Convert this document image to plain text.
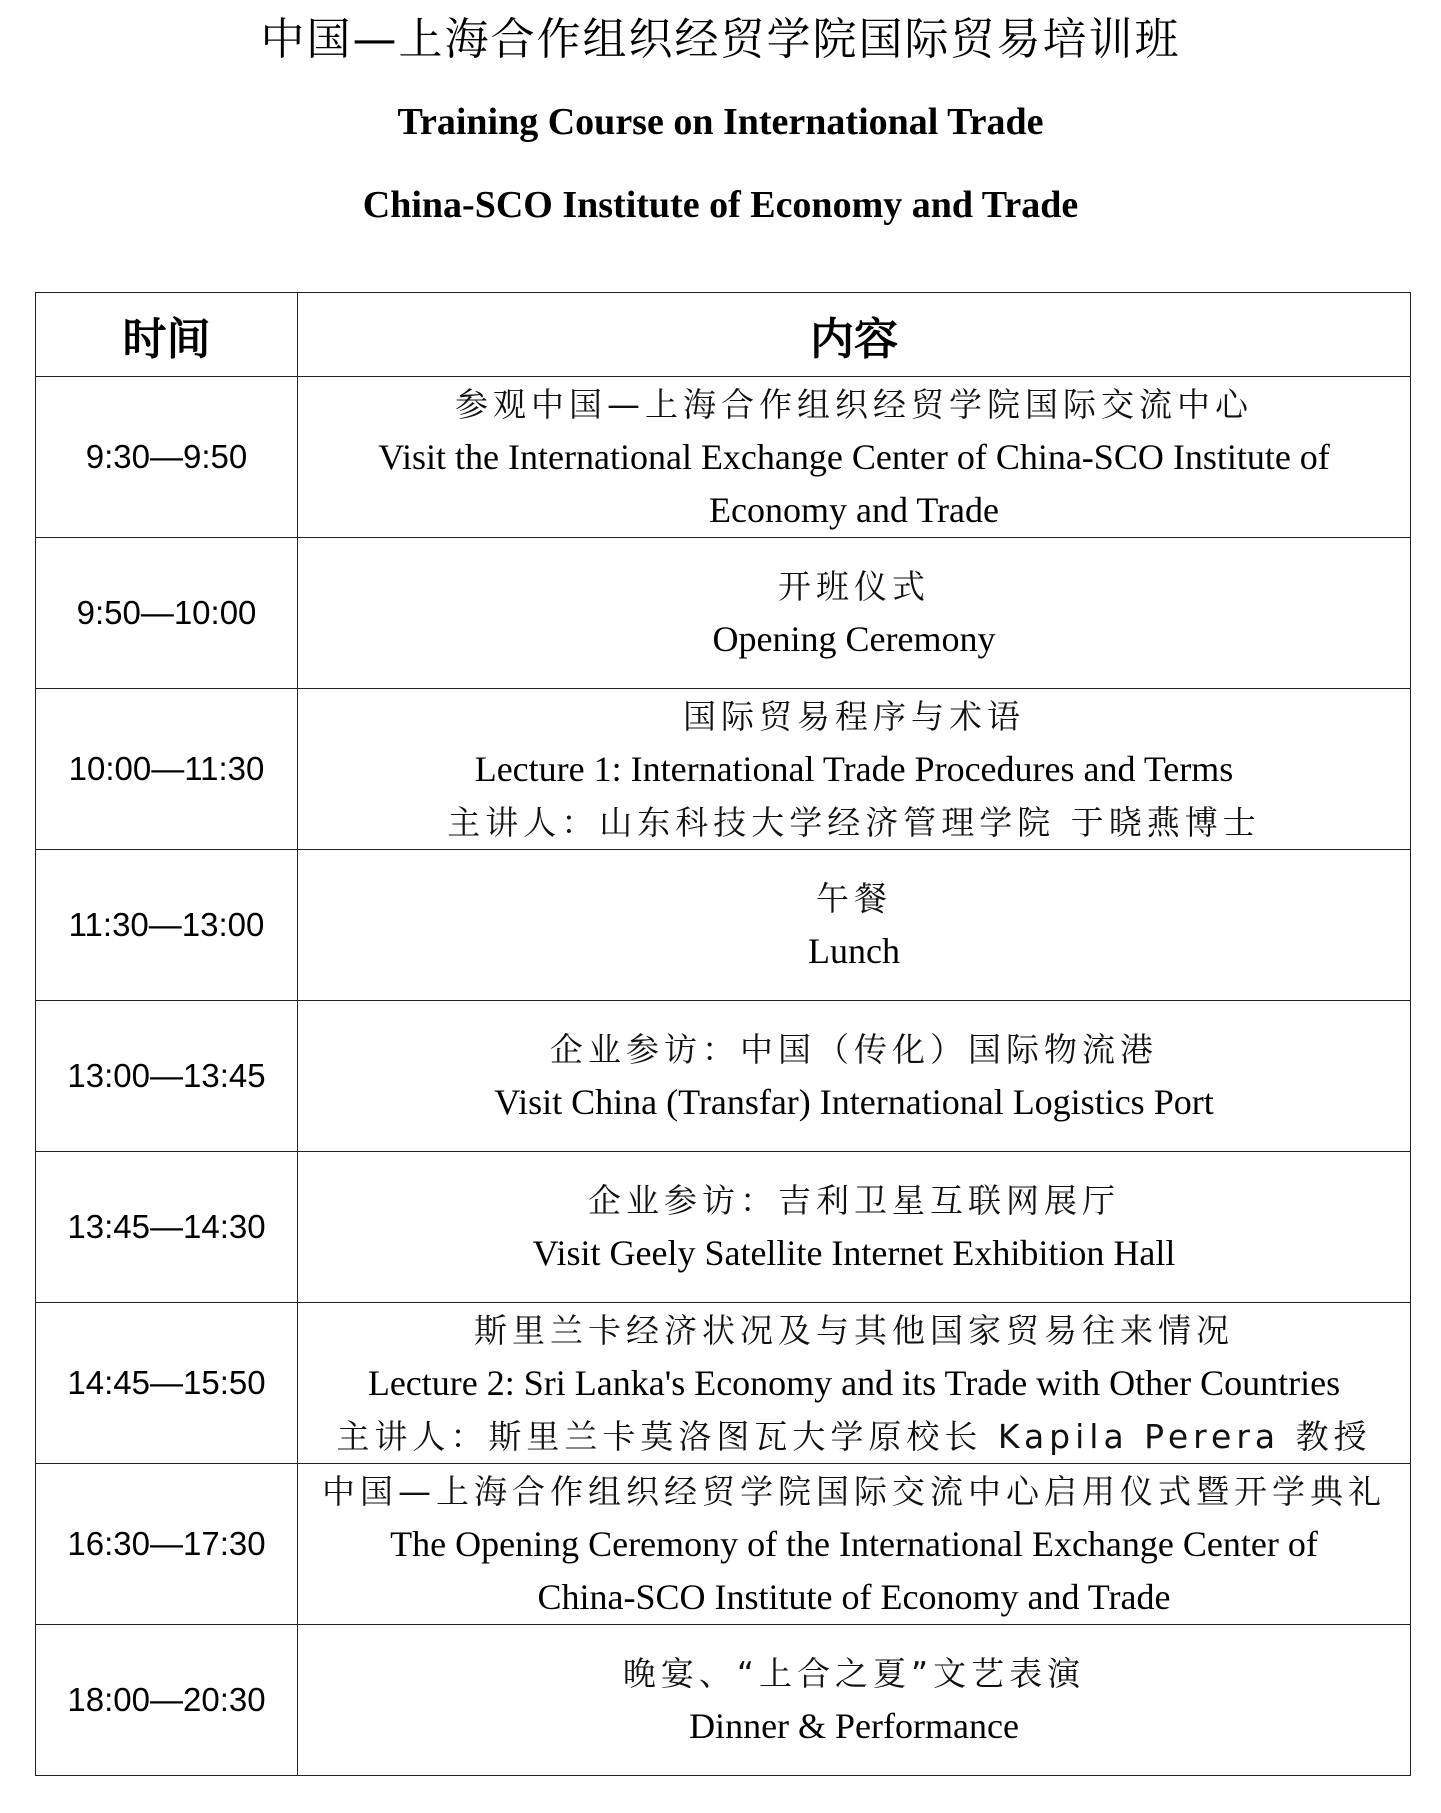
中国—上海合作组织经贸学院国际贸易培训班
Training Course on International Trade
China-SCO Institute of Economy and Trade
时间	内容
9:30—9:50	参观中国—上海合作组织经贸学院国际交流中心
Visit the International Exchange Center of China-SCO Institute of
Economy and Trade

9:50—10:00	开班仪式
Opening Ceremony

10:00—11:30	国际贸易程序与术语
Lecture 1: International Trade Procedures and Terms
主讲人：山东科技大学经济管理学院 于晓燕博士

11:30—13:00	午餐
Lunch

13:00—13:45	企业参访：中国（传化）国际物流港
Visit China (Transfar) International Logistics Port

13:45—14:30	企业参访：吉利卫星互联网展厅
Visit Geely Satellite Internet Exhibition Hall

14:45—15:50	斯里兰卡经济状况及与其他国家贸易往来情况
Lecture 2: Sri Lanka's Economy and its Trade with Other Countries
主讲人：斯里兰卡莫洛图瓦大学原校长 Kapila Perera 教授

16:30—17:30	中国—上海合作组织经贸学院国际交流中心启用仪式暨开学典礼
The Opening Ceremony of the International Exchange Center of
China-SCO Institute of Economy and Trade

18:00—20:30	晚宴、“上合之夏”文艺表演
Dinner & Performance
